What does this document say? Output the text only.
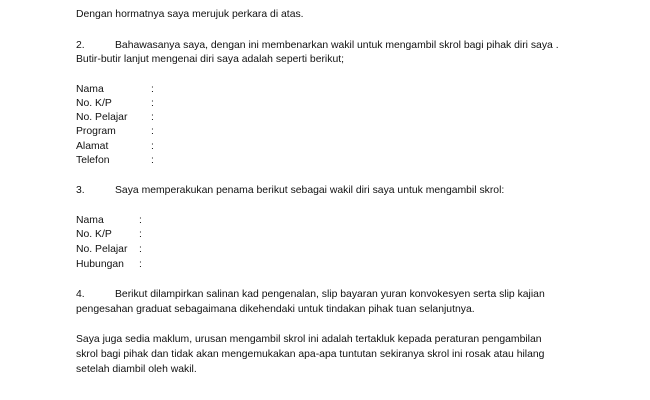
Dengan hormatnya saya merujuk perkara di atas.
2.	Bahawasanya saya, dengan ini membenarkan wakil untuk mengambil skrol bagi pihak diri saya .
Butir-butir lanjut mengenai diri saya adalah seperti berikut;
Nama	:
No. K/P	:
No. Pelajar :
Program	:
Alamat	:
Telefon	:
3.	Saya memperakukan penama berikut sebagai wakil diri saya untuk mengambil skrol:
Nama	:
No. K/P	:
No. Pelajar :
Hubungan :
4.	Berikut dilampirkan salinan kad pengenalan, slip bayaran yuran konvokesyen serta slip kajian
pengesahan graduat sebagaimana dikehendaki untuk tindakan pihak tuan selanjutnya.
Saya juga sedia maklum, urusan mengambil skrol ini adalah tertakluk kepada peraturan pengambilan
skrol bagi pihak dan tidak akan mengemukakan apa-apa tuntutan sekiranya skrol ini rosak atau hilang
setelah diambil oleh wakil.
